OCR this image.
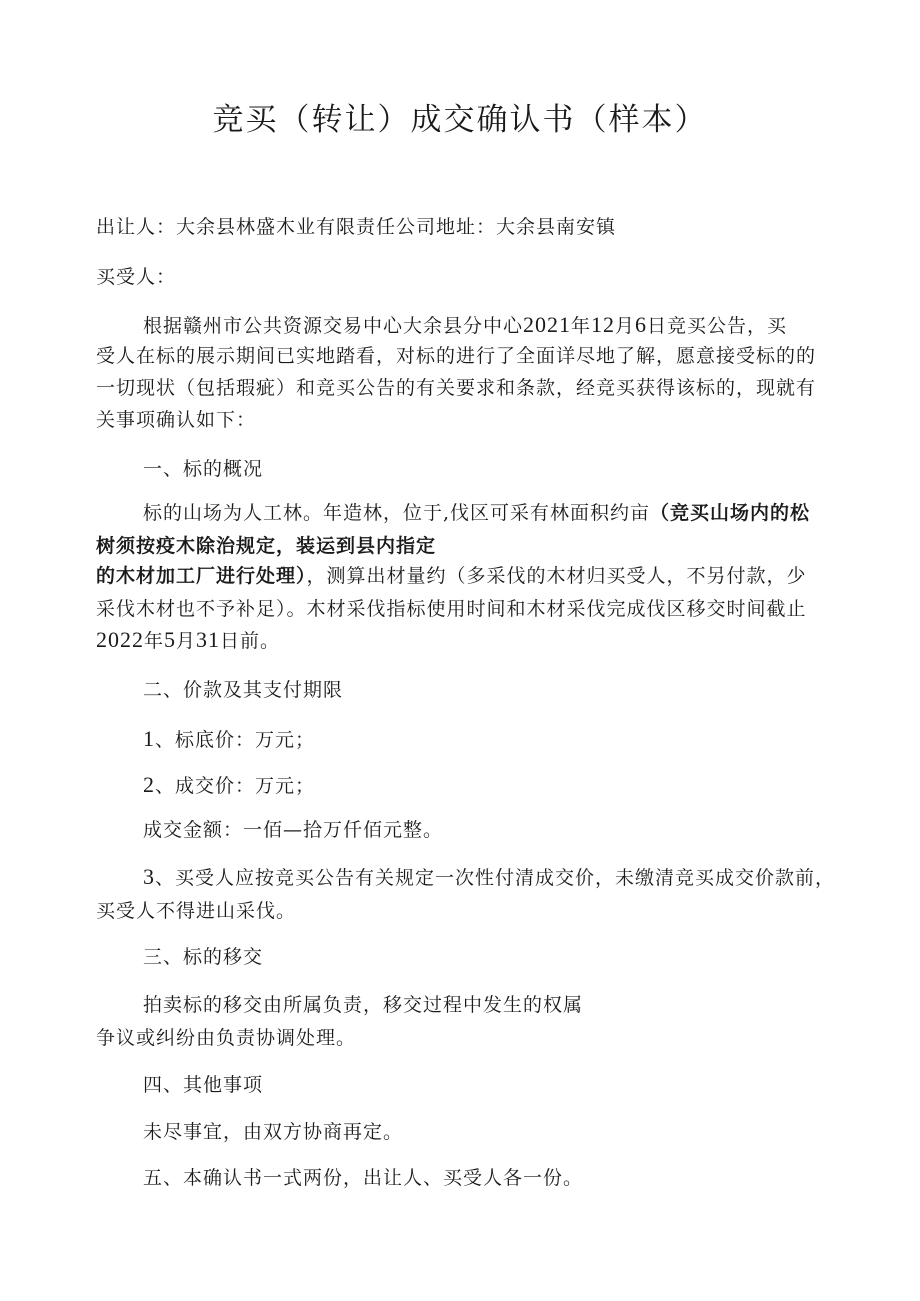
竞买（转让）成交确认书（样本）
出让人：大余县林盛木业有限责任公司地址：大余县南安镇
买受人：
根据赣州市公共资源交易中心大余县分中心2021年12月6日竞买公告，买
受人在标的展示期间已实地踏看，对标的进行了全面详尽地了解，愿意接受标的的
一切现状（包括瑕疵）和竞买公告的有关要求和条款，经竞买获得该标的，现就有
关事项确认如下：
一、标的概况
标的山场为人工林。年造林，位于,伐区可采有林面积约亩（竞买山场内的松
树须按疫木除治规定，装运到县内指定
的木材加工厂进行处理），测算出材量约（多采伐的木材归买受人，不另付款，少
采伐木材也不予补足）。木材采伐指标使用时间和木材采伐完成伐区移交时间截止
2022年5月31日前。
二、价款及其支付期限
1、标底价：万元；
2、成交价：万元；
成交金额：一佰—拾万仟佰元整。
3、买受人应按竞买公告有关规定一次性付清成交价，未缴清竞买成交价款前，
买受人不得进山采伐。
三、标的移交
拍卖标的移交由所属负责，移交过程中发生的权属
争议或纠纷由负责协调处理。
四、其他事项
未尽事宜，由双方协商再定。
五、本确认书一式两份，出让人、买受人各一份。
